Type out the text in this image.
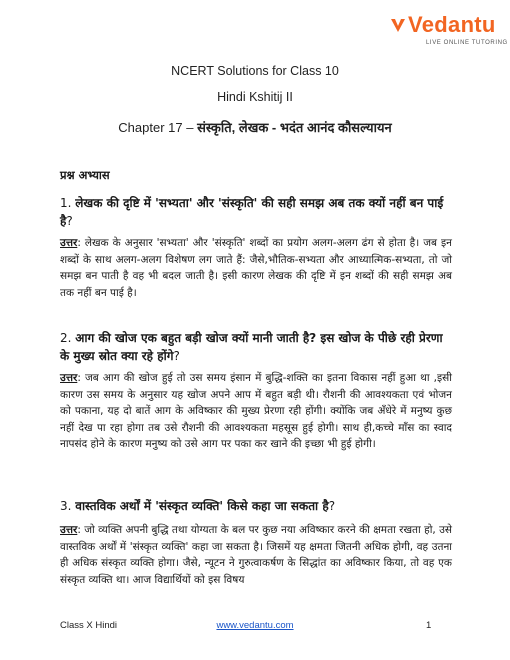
Vedantu
LIVE ONLINE TUTORING
NCERT Solutions for Class 10
Hindi Kshitij II
Chapter 17 – संस्कृति, लेखक - भदंत आनंद कौसल्यायन
प्रश्न अभ्यास
1. लेखक की दृष्टि में 'सभ्यता' और 'संस्कृति' की सही समझ अब तक क्यों नहीं बन पाई है?
उत्तर: लेखक के अनुसार 'सभ्यता' और 'संस्कृति' शब्दों का प्रयोग अलग-अलग ढंग से होता है। जब इन शब्दों के साथ अलग-अलग विशेषण लग जाते हैं: जैसे,भौतिक-सभ्यता और आध्यात्मिक-सभ्यता, तो जो समझ बन पाती है वह भी बदल जाती है। इसी कारण लेखक की दृष्टि में इन शब्दों की सही समझ अब तक नहीं बन पाई है।
2. आग की खोज एक बहुत बड़ी खोज क्यों मानी जाती है? इस खोज के पीछे रही प्रेरणा के मुख्य स्रोत क्या रहे होंगे?
उत्तर: जब आग की खोज हुई तो उस समय इंसान में बुद्धि-शक्ति का इतना विकास नहीं हुआ था ,इसी कारण उस समय के अनुसार यह खोज अपने आप में बहुत बड़ी थी। रौशनी की आवश्यकता एवं भोजन को पकाना, यह दो बातें आग के अविष्कार की मुख्य प्रेरणा रही होंगी। क्योंकि जब अँधेरे में मनुष्य कुछ नहीं देख पा रहा होगा तब उसे रौशनी की आवश्यकता महसूस हुई होगी। साथ ही,कच्चे माँस का स्वाद नापसंद होने के कारण मनुष्य को उसे आग पर पका कर खाने की इच्छा भी हुई होगी।
3. वास्तविक अर्थों में 'संस्कृत व्यक्ति' किसे कहा जा सकता है?
उत्तर: जो व्यक्ति अपनी बुद्धि तथा योग्यता के बल पर कुछ नया अविष्कार करने की क्षमता रखता हो, उसे वास्तविक अर्थों में 'संस्कृत व्यक्ति' कहा जा सकता है। जिसमें यह क्षमता जितनी अधिक होगी, वह उतना ही अधिक संस्कृत व्यक्ति होगा। जैसे, न्यूटन ने गुरुत्वाकर्षण के सिद्धांत का अविष्कार किया, तो वह एक संस्कृत व्यक्ति था। आज विद्यार्थियों को इस विषय
Class X Hindi	www.vedantu.com	1
